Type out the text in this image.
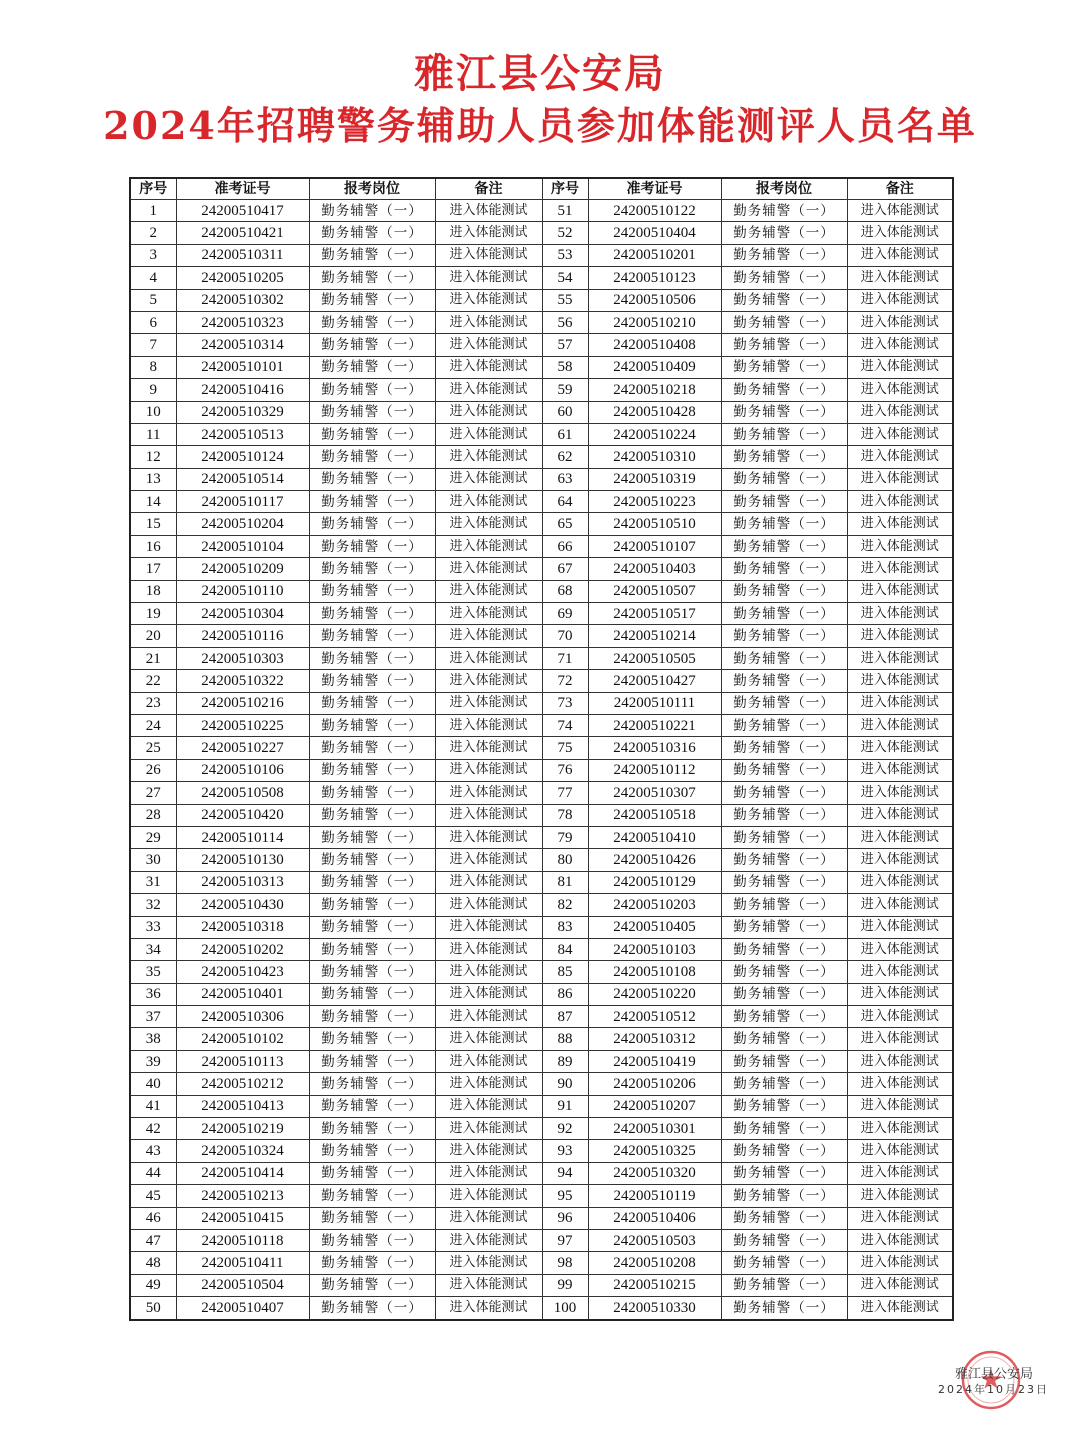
雅江县公安局
2024年招聘警务辅助人员参加体能测评人员名单
序号	准考证号	报考岗位	备注	序号	准考证号	报考岗位	备注
1	24200510417	勤务辅警（一）	进入体能测试	51	24200510122	勤务辅警（一）	进入体能测试
2	24200510421	勤务辅警（一）	进入体能测试	52	24200510404	勤务辅警（一）	进入体能测试
3	24200510311	勤务辅警（一）	进入体能测试	53	24200510201	勤务辅警（一）	进入体能测试
4	24200510205	勤务辅警（一）	进入体能测试	54	24200510123	勤务辅警（一）	进入体能测试
5	24200510302	勤务辅警（一）	进入体能测试	55	24200510506	勤务辅警（一）	进入体能测试
6	24200510323	勤务辅警（一）	进入体能测试	56	24200510210	勤务辅警（一）	进入体能测试
7	24200510314	勤务辅警（一）	进入体能测试	57	24200510408	勤务辅警（一）	进入体能测试
8	24200510101	勤务辅警（一）	进入体能测试	58	24200510409	勤务辅警（一）	进入体能测试
9	24200510416	勤务辅警（一）	进入体能测试	59	24200510218	勤务辅警（一）	进入体能测试
10	24200510329	勤务辅警（一）	进入体能测试	60	24200510428	勤务辅警（一）	进入体能测试
11	24200510513	勤务辅警（一）	进入体能测试	61	24200510224	勤务辅警（一）	进入体能测试
12	24200510124	勤务辅警（一）	进入体能测试	62	24200510310	勤务辅警（一）	进入体能测试
13	24200510514	勤务辅警（一）	进入体能测试	63	24200510319	勤务辅警（一）	进入体能测试
14	24200510117	勤务辅警（一）	进入体能测试	64	24200510223	勤务辅警（一）	进入体能测试
15	24200510204	勤务辅警（一）	进入体能测试	65	24200510510	勤务辅警（一）	进入体能测试
16	24200510104	勤务辅警（一）	进入体能测试	66	24200510107	勤务辅警（一）	进入体能测试
17	24200510209	勤务辅警（一）	进入体能测试	67	24200510403	勤务辅警（一）	进入体能测试
18	24200510110	勤务辅警（一）	进入体能测试	68	24200510507	勤务辅警（一）	进入体能测试
19	24200510304	勤务辅警（一）	进入体能测试	69	24200510517	勤务辅警（一）	进入体能测试
20	24200510116	勤务辅警（一）	进入体能测试	70	24200510214	勤务辅警（一）	进入体能测试
21	24200510303	勤务辅警（一）	进入体能测试	71	24200510505	勤务辅警（一）	进入体能测试
22	24200510322	勤务辅警（一）	进入体能测试	72	24200510427	勤务辅警（一）	进入体能测试
23	24200510216	勤务辅警（一）	进入体能测试	73	24200510111	勤务辅警（一）	进入体能测试
24	24200510225	勤务辅警（一）	进入体能测试	74	24200510221	勤务辅警（一）	进入体能测试
25	24200510227	勤务辅警（一）	进入体能测试	75	24200510316	勤务辅警（一）	进入体能测试
26	24200510106	勤务辅警（一）	进入体能测试	76	24200510112	勤务辅警（一）	进入体能测试
27	24200510508	勤务辅警（一）	进入体能测试	77	24200510307	勤务辅警（一）	进入体能测试
28	24200510420	勤务辅警（一）	进入体能测试	78	24200510518	勤务辅警（一）	进入体能测试
29	24200510114	勤务辅警（一）	进入体能测试	79	24200510410	勤务辅警（一）	进入体能测试
30	24200510130	勤务辅警（一）	进入体能测试	80	24200510426	勤务辅警（一）	进入体能测试
31	24200510313	勤务辅警（一）	进入体能测试	81	24200510129	勤务辅警（一）	进入体能测试
32	24200510430	勤务辅警（一）	进入体能测试	82	24200510203	勤务辅警（一）	进入体能测试
33	24200510318	勤务辅警（一）	进入体能测试	83	24200510405	勤务辅警（一）	进入体能测试
34	24200510202	勤务辅警（一）	进入体能测试	84	24200510103	勤务辅警（一）	进入体能测试
35	24200510423	勤务辅警（一）	进入体能测试	85	24200510108	勤务辅警（一）	进入体能测试
36	24200510401	勤务辅警（一）	进入体能测试	86	24200510220	勤务辅警（一）	进入体能测试
37	24200510306	勤务辅警（一）	进入体能测试	87	24200510512	勤务辅警（一）	进入体能测试
38	24200510102	勤务辅警（一）	进入体能测试	88	24200510312	勤务辅警（一）	进入体能测试
39	24200510113	勤务辅警（一）	进入体能测试	89	24200510419	勤务辅警（一）	进入体能测试
40	24200510212	勤务辅警（一）	进入体能测试	90	24200510206	勤务辅警（一）	进入体能测试
41	24200510413	勤务辅警（一）	进入体能测试	91	24200510207	勤务辅警（一）	进入体能测试
42	24200510219	勤务辅警（一）	进入体能测试	92	24200510301	勤务辅警（一）	进入体能测试
43	24200510324	勤务辅警（一）	进入体能测试	93	24200510325	勤务辅警（一）	进入体能测试
44	24200510414	勤务辅警（一）	进入体能测试	94	24200510320	勤务辅警（一）	进入体能测试
45	24200510213	勤务辅警（一）	进入体能测试	95	24200510119	勤务辅警（一）	进入体能测试
46	24200510415	勤务辅警（一）	进入体能测试	96	24200510406	勤务辅警（一）	进入体能测试
47	24200510118	勤务辅警（一）	进入体能测试	97	24200510503	勤务辅警（一）	进入体能测试
48	24200510411	勤务辅警（一）	进入体能测试	98	24200510208	勤务辅警（一）	进入体能测试
49	24200510504	勤务辅警（一）	进入体能测试	99	24200510215	勤务辅警（一）	进入体能测试
50	24200510407	勤务辅警（一）	进入体能测试	100	24200510330	勤务辅警（一）	进入体能测试
雅江县公安局
2024年10月23日
